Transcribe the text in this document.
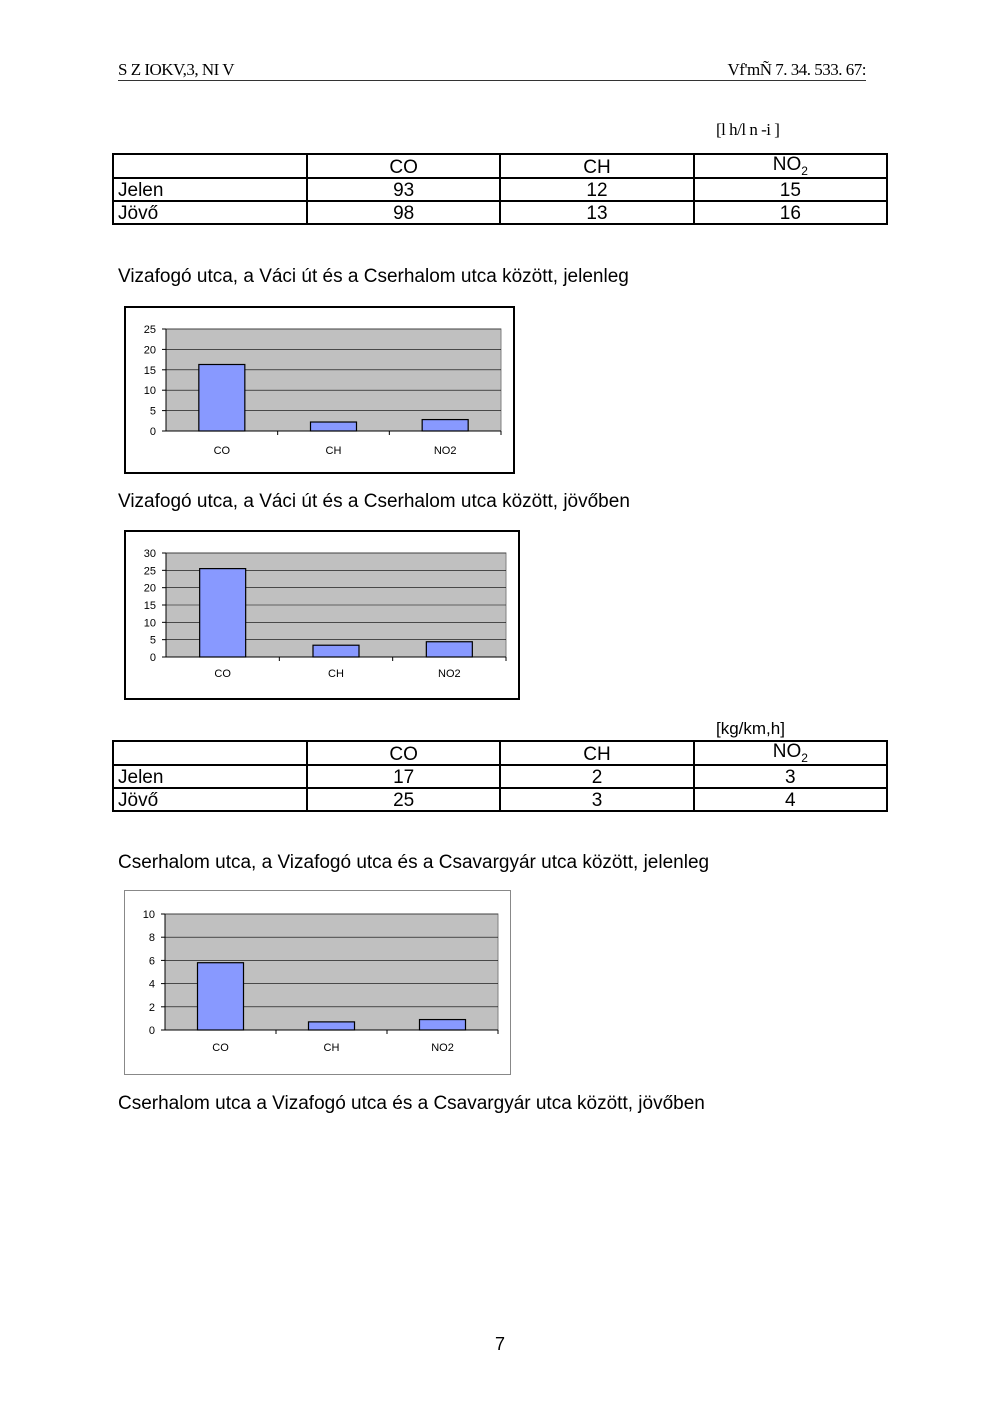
S Z IOKV,3, NI V	Vf'mÑ 7. 34. 533. 67:
[l h/l n -i ]
	CO	CH	$NO_2$
Jelen	93	12	15
Jövő	98	13	16
Vizafogó utca, a Váci út és a Cserhalom utca között, jelenleg
0
5
10
15
20
25
CO	CH	NO2
Vizafogó utca, a Váci út és a Cserhalom utca között, jövőben
0
5
10
15
20
25
30
CO	CH	NO2
[kg/km,h]
	CO	CH	$NO_2$
Jelen	17	2	3
Jövő	25	3	4
Cserhalom utca, a Vizafogó utca és a Csavargyár utca között, jelenleg
0
2
4
6
8
10
CO	CH	NO2
Cserhalom utca a Vizafogó utca és a Csavargyár utca között, jövőben
7
